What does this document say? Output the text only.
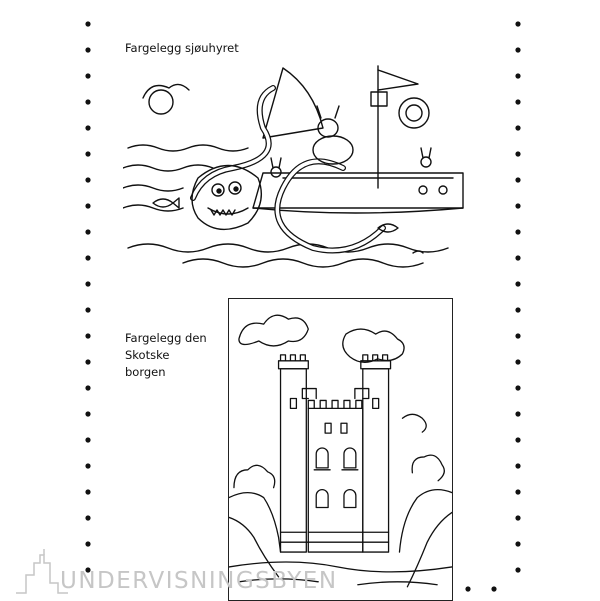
Fargelegg sjøuhyret
Fargelegg den
Skotske
borgen
UNDERVISNINGSBYEN
